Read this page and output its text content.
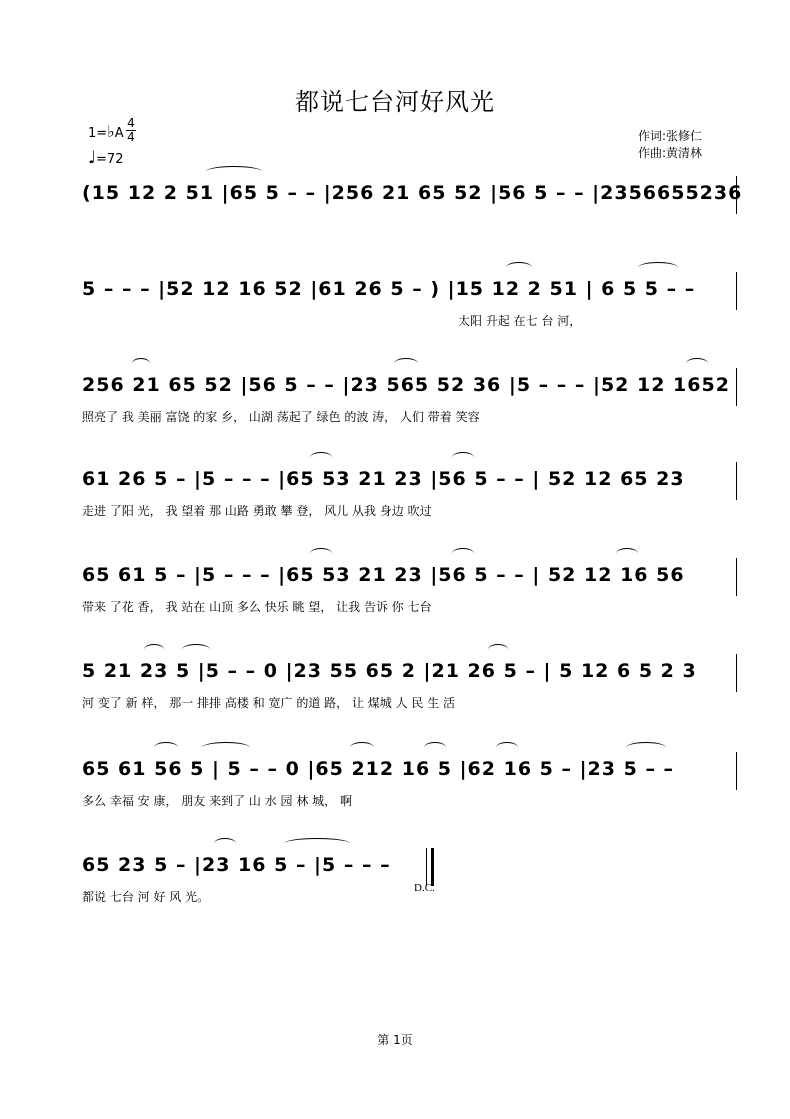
都说七台河好风光
1=♭A
4
4
♩=72
作词:张修仁
作曲:黄清林
(15 12 2 51 |65 5 – – |256 21 65 52 |56 5 – – |2356655236
5 – – – |52 12 16 52 |61 26 5 – ) |15 12 2 51 | 6 5 5 – –
太阳 升起 在七 台 河，
256 21 65 52 |56 5 – – |23 565 52 36 |5 – – – |52 12 1652
照亮了 我 美丽 富饶 的家 乡， 山湖 荡起了 绿色 的波 涛， 人们 带着 笑容
61 26 5 – |5 – – – |65 53 21 23 |56 5 – – | 52 12 65 23
走进 了阳 光， 我 望着 那 山路 勇敢 攀 登， 风儿 从我 身边 吹过
65 61 5 – |5 – – – |65 53 21 23 |56 5 – – | 52 12 16 56
带来 了花 香， 我 站在 山顶 多么 快乐 眺 望， 让我 告诉 你 七台
5 21 23 5 |5 – – 0 |23 55 65 2 |21 26 5 – | 5 12 6 5 2 3
河 变了 新 样， 那一 排排 高楼 和 宽广 的道 路， 让 煤城 人 民 生 活
65 61 56 5 | 5 – – 0 |65 212 16 5 |62 16 5 – |23 5 – –
多么 幸福 安 康， 朋友 来到了 山 水 园 林 城， 啊
65 23 5 – |23 16 5 – |5 – – –
都说 七台 河 好 风 光。
D.C.
第 1页
